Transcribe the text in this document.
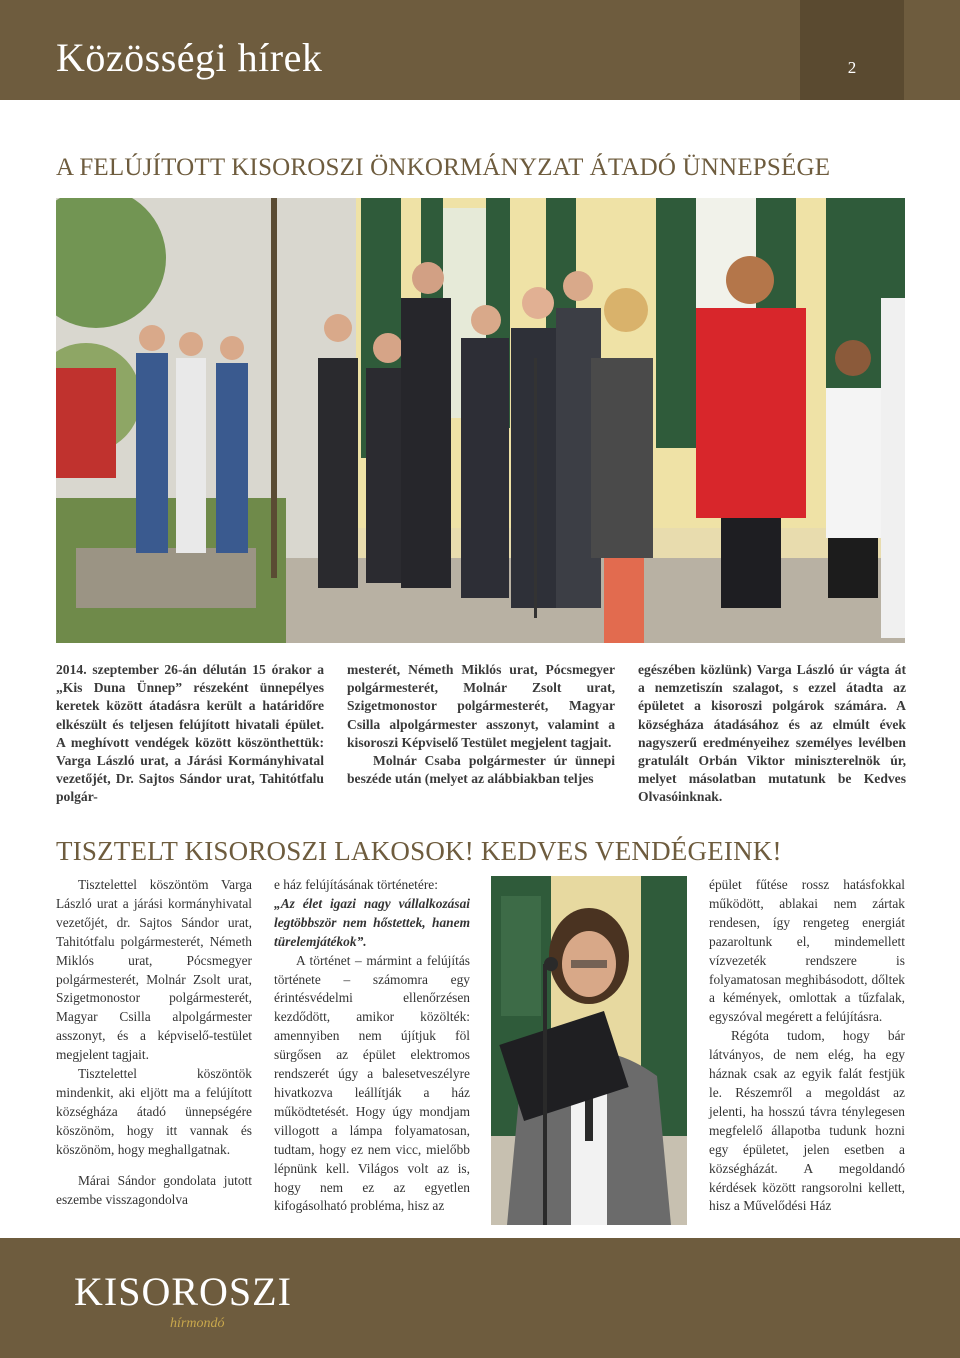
Közösségi hírek	2
A FELÚJÍTOTT KISOROSZI ÖNKORMÁNYZAT ÁTADÓ ÜNNEPSÉGE

2014. szeptember 26-án délután 15 órakor a „Kis Duna Ünnep” részeként ünnepélyes keretek között átadásra került a határidőre elkészült és teljesen felújított hivatali épület. A meghívott vendégek között köszönthettük: Varga László urat, a Járási Kormányhivatal vezetőjét, Dr. Sajtos Sándor urat, Tahitótfalu polgár-

mesterét, Németh Miklós urat, Pócsmegyer polgármesterét, Molnár Zsolt urat, Szigetmonostor polgármesterét, Magyar Csilla alpolgármester asszonyt, valamint a kisoroszi Képviselő Testület megjelent tagjait.

Molnár Csaba polgármester úr ünnepi beszéde után (melyet az alábbiakban teljes

egészében közlünk) Varga László úr vágta át a nemzetiszín szalagot, s ezzel átadta az épületet a kisoroszi polgárok számára. A községháza átadásához és az elmúlt évek nagyszerű eredményeihez személyes levélben gratulált Orbán Viktor miniszterelnök úr, melyet másolatban mutatunk be Kedves Olvasóinknak.

TISZTELT KISOROSZI LAKOSOK! KEDVES VENDÉGEINK!

Tisztelettel köszöntöm Varga László urat a járási kormányhivatal vezetőjét, dr. Sajtos Sándor urat, Tahitótfalu polgármesterét, Németh Miklós urat, Pócsmegyer polgármesterét, Molnár Zsolt urat, Szigetmonostor polgármesterét, Magyar Csilla alpolgármester asszonyt, és a képviselő-testület megjelent tagjait.

Tisztelettel köszöntök mindenkit, aki eljött ma a felújított községháza átadó ünnepségére köszönöm, hogy itt vannak és köszönöm, hogy meghallgatnak.

Márai Sándor gondolata jutott eszembe visszagondolva

e ház felújításának történetére:

„Az élet igazi nagy vállalkozásai legtöbbször nem hőstettek, hanem türelemjátékok”.

A történet – mármint a felújítás története – számomra egy érintésvédelmi ellenőrzésen kezdődött, amikor közölték: amennyiben nem újítjuk föl sürgősen az épület elektromos rendszerét úgy a balesetveszélyre hivatkozva leállítják a ház működtetését. Hogy úgy mondjam villogott a lámpa folyamatosan, tudtam, hogy ez nem vicc, mielőbb lépnünk kell. Világos volt az is, hogy nem ez az egyetlen kifogásolható probléma, hisz az

épület fűtése rossz hatásfokkal működött, ablakai nem zártak rendesen, így rengeteg energiát pazaroltunk el, mindemellett vízvezeték rendszere is folyamatosan meghibásodott, dőltek a kémények, omlottak a tűzfalak, egyszóval megérett a felújításra.

Régóta tudom, hogy bár látványos, de nem elég, ha egy háznak csak az egyik falát festjük le. Részemről a megoldást az jelenti, ha hosszú távra ténylegesen megfelelő állapotba tudunk hozni egy épületet, jelen esetben a községházát. A megoldandó kérdések között rangsorolni kellett, hisz a Művelődési Ház

KISOROSZI
hírmondó
